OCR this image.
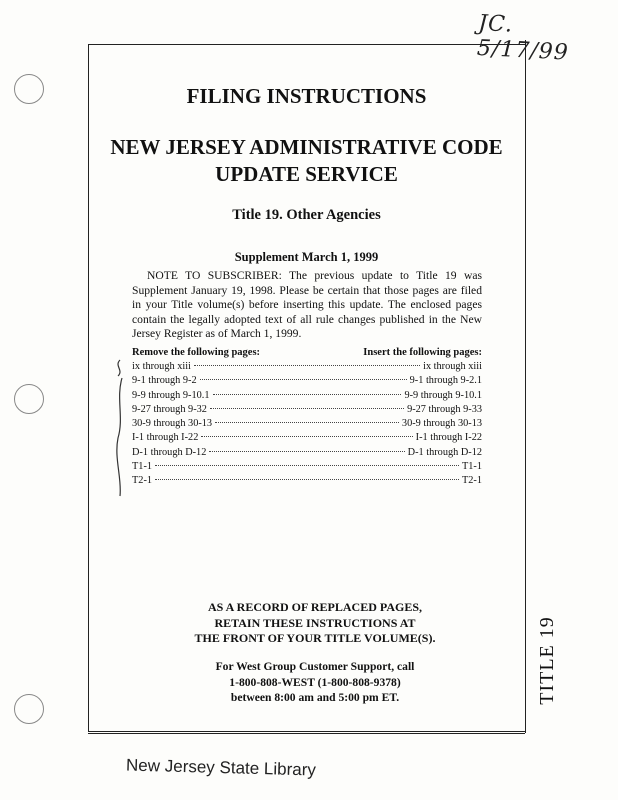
JC. 5/17/99
TITLE 19
FILING INSTRUCTIONS
NEW JERSEY ADMINISTRATIVE CODE
UPDATE SERVICE
Title 19. Other Agencies
Supplement March 1, 1999
NOTE TO SUBSCRIBER: The previous update to Title 19 was Supplement January 19, 1998. Please be certain that those pages are filed in your Title volume(s) before inserting this update. The enclosed pages contain the legally adopted text of all rule changes published in the New Jersey Register as of March 1, 1999.
Remove the following pages:	Insert the following pages:
ix through xiii	ix through xiii
9-1 through 9-2	9-1 through 9-2.1
9-9 through 9-10.1	9-9 through 9-10.1
9-27 through 9-32	9-27 through 9-33
30-9 through 30-13	30-9 through 30-13
I-1 through I-22	I-1 through I-22
D-1 through D-12	D-1 through D-12
T1-1	T1-1
T2-1	T2-1
AS A RECORD OF REPLACED PAGES,
RETAIN THESE INSTRUCTIONS AT
THE FRONT OF YOUR TITLE VOLUME(S).
For West Group Customer Support, call
1-800-808-WEST (1-800-808-9378)
between 8:00 am and 5:00 pm ET.
New Jersey State Library
